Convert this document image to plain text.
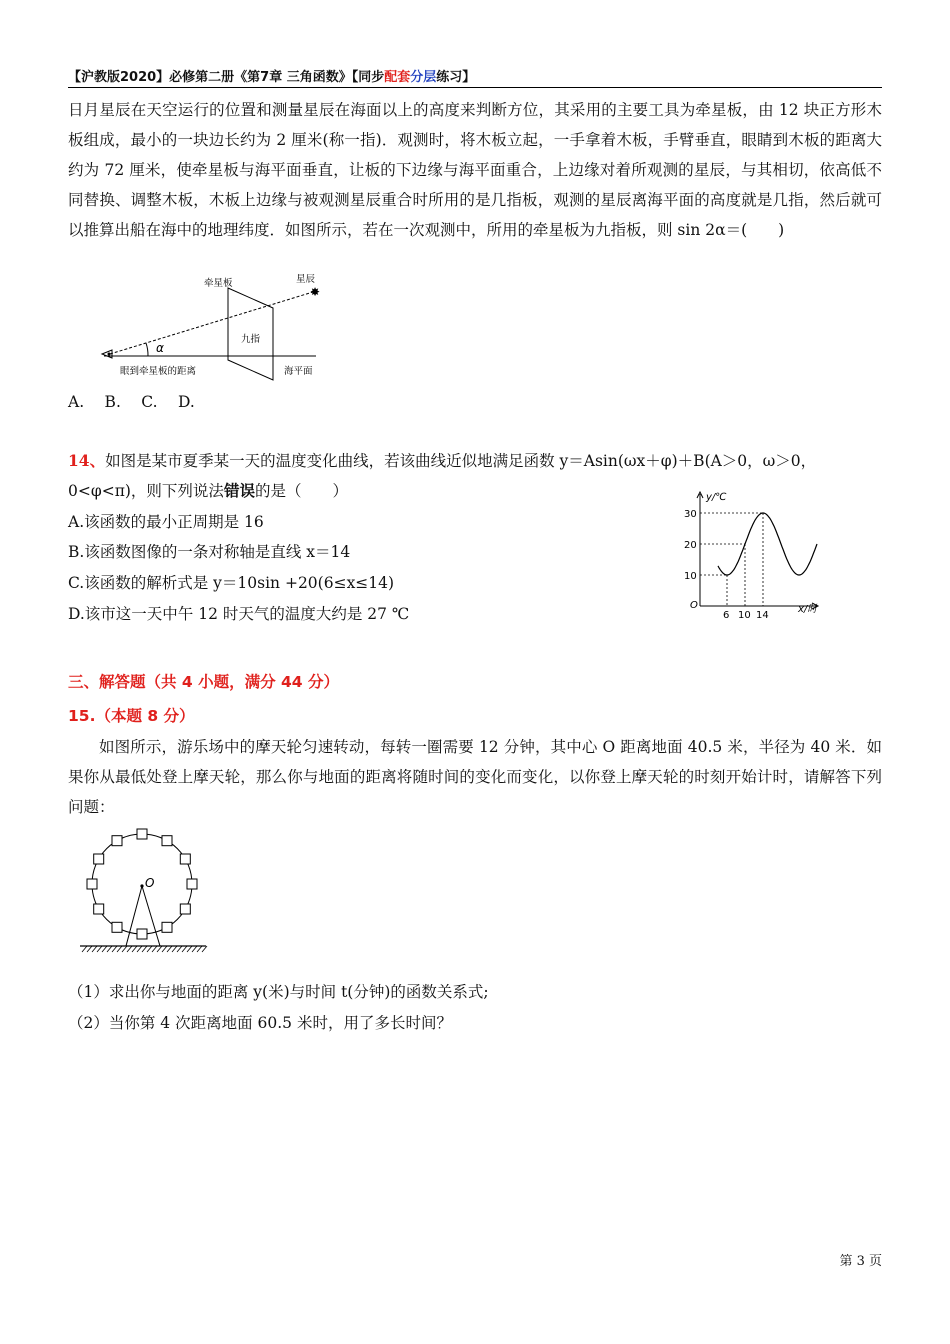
【沪教版2020】必修第二册《第7章 三角函数》【同步配套分层练习】
日月星辰在天空运行的位置和测量星辰在海面以上的高度来判断方位，其采用的主要工具为牵星板，由 12 块正方形木板组成，最小的一块边长约为 2 厘米(称一指)．观测时，将木板立起，一手拿着木板，手臂垂直，眼睛到木板的距离大约为 72 厘米，使牵星板与海平面垂直，让板的下边缘与海平面重合，上边缘对着所观测的星辰，与其相切，依高低不同替换、调整木板，木板上边缘与被观测星辰重合时所用的是几指板，观测的星辰离海平面的高度就是几指，然后就可以推算出船在海中的地理纬度．如图所示，若在一次观测中，所用的牵星板为九指板，则 sin 2α＝(　　)
✸
牵星板	星辰
九指
α
眼到牵星板的距离	海平面
A.　 B.　 C.　 D.
14、如图是某市夏季某一天的温度变化曲线，若该曲线近似地满足函数 y＝Asin(ωx＋φ)＋B(A＞0，ω＞0，
0<φ<π)，则下列说法错误的是（　　）
A.该函数的最小正周期是 16
B.该函数图像的一条对称轴是直线 x＝14
C.该函数的解析式是 y＝10sin +20(6≤x≤14)
D.该市这一天中午 12 时天气的温度大约是 27 ℃
y/℃
x/时
O
10
20
30
6 10 14
三、解答题（共 4 小题，满分 44 分）
15.（本题 8 分）
如图所示，游乐场中的摩天轮匀速转动，每转一圈需要 12 分钟，其中心 O 距离地面 40.5 米，半径为 40 米．如果你从最低处登上摩天轮，那么你与地面的距离将随时间的变化而变化，以你登上摩天轮的时刻开始计时，请解答下列问题：
O
（1）求出你与地面的距离 y(米)与时间 t(分钟)的函数关系式;
（2）当你第 4 次距离地面 60.5 米时，用了多长时间？
第 3 页
